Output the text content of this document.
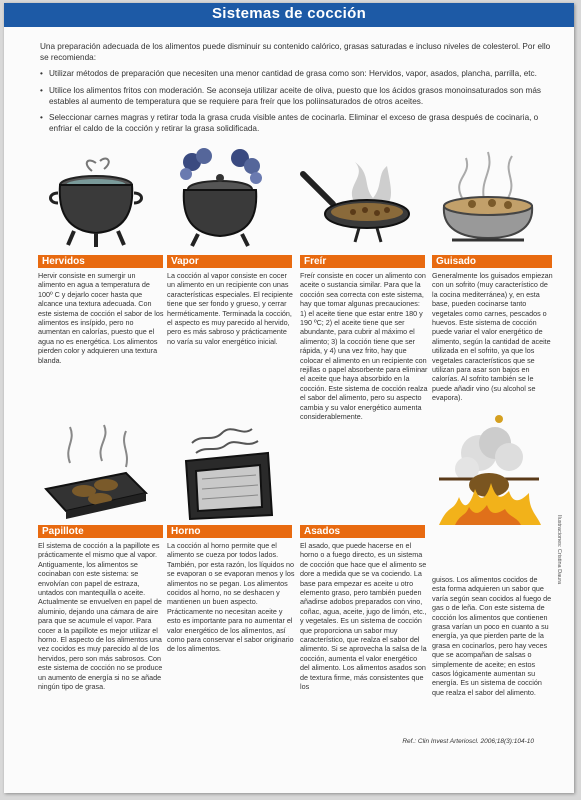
Sistemas de cocción

Una preparación adecuada de los alimentos puede disminuir su contenido calórico, grasas saturadas e incluso niveles de colesterol. Por ello se recomienda:

• Utilizar métodos de preparación que necesiten una menor cantidad de grasa como son: Hervidos, vapor, asados, plancha, parrilla, etc.
• Utilice los alimentos fritos con moderación. Se aconseja utilizar aceite de oliva, puesto que los ácidos grasos monoinsaturados son más estables al aumento de temperatura que se requiere para freír que los poliinsaturados de otros aceites.
• Seleccionar carnes magras y retirar toda la grasa cruda visible antes de cocinarla. Eliminar el exceso de grasa después de cocinaria, o enfriar el caldo de la cocción y retirar la grasa solidificada.
Hervidos	Vapor	Freír	Guisado
Hervir consiste en sumergir un alimento en agua a temperatura de 100º C y dejarlo cocer hasta que alcance una textura adecuada. Con este sistema de cocción el sabor de los alimentos es insípido, pero no aumentan en calorías, puesto que el agua no es energética. Los alimentos pierden color y adquieren una textura blanda.
La cocción al vapor consiste en cocer un alimento en un recipiente con unas características especiales. El recipiente tiene que ser fondo y grueso, y cerrar herméticamente. Terminada la cocción, el aspecto es muy parecido al hervido, pero es más sabroso y prácticamente no varía su valor energético inicial.
Freír consiste en cocer un alimento con aceite o sustancia similar. Para que la cocción sea correcta con este sistema, hay que tomar algunas precauciones: 1) el aceite tiene que estar entre 180 y 190 ºC; 2) el aceite tiene que ser abundante, para cubrir al máximo el alimento; 3) la cocción tiene que ser rápida, y 4) una vez frito, hay que colocar el alimento en un recipiente con rejillas o papel absorbente para eliminar el aceite que haya absorbido en la cocción. Este sistema de cocción realza el sabor del alimento, pero su aspecto cambia y su valor energético aumenta considerablemente.
Generalmente los guisados empiezan con un sofrito (muy característico de la cocina mediterránea) y, en esta base, pueden cocinarse tanto vegetales como carnes, pescados o huevos. Este sistema de cocción puede variar el valor energético de alimento, según la cantidad de aceite utilizada en el sofrito, ya que los vegetales característicos que se utilizan para asar son bajos en calorías. Al sofrito también se le puede añadir vino (su alcohol se evapora).
Ilustraciones: Cristina Daura
Papillote	Horno	Asados
El sistema de cocción a la papillote es prácticamente el mismo que al vapor. Antiguamente, los alimentos se cocinaban con este sistema: se envolvían con papel de estraza, untados con mantequilla o aceite. Actualmente se envuelven en papel de aluminio, dejando una cámara de aire para que se acumule el vapor. Para cocer a la papillote es mejor utilizar el horno. El aspecto de los alimentos una vez cocidos es muy parecido al de los hervidos, pero son más sabrosos. Con este sistema de cocción no se produce un aumento de energía si no se añade ningún tipo de grasa.
La cocción al horno permite que el alimento se cueza por todos lados. También, por esta razón, los líquidos no se evaporan o se evaporan menos y los alimentos no se pegan. Los alimentos cocidos al horno, no se deshacen y mantienen un buen aspecto. Prácticamente no necesitan aceite y esto es importante para no aumentar el valor energético de los alimentos, así como para conservar el sabor originario de los alimentos.
El asado, que puede hacerse en el horno o a fuego directo, es un sistema de cocción que hace que el alimento se dore a medida que se va cociendo. La base para empezar es aceite u otro elemento graso, pero también pueden añadirse adobos preparados con vino, coñac, agua, aceite, jugo de limón, etc., y vegetales. Es un sistema de cocción que proporciona un sabor muy característico, que realza el sabor del alimento. Si se aprovecha la salsa de la cocción, aumenta el valor energético del alimento. Los alimentos asados son de textura firme, más consistentes que los
guisos. Los alimentos cocidos de esta forma adquieren un sabor que varía según sean cocidos al fuego de gas o de leña. Con este sistema de cocción los alimentos que contienen grasa varían un poco en cuanto a su energía, ya que pierden parte de la grasa en cocinarlos, pero hay veces que se acompañan de salsas o simplemente de aceite; en estos casos lógicamente aumentan su energía. Es un sistema de cocción que realza el sabor del alimento.
Ref.: Clin Invest Arterioscl. 2006;18(3):104-10
